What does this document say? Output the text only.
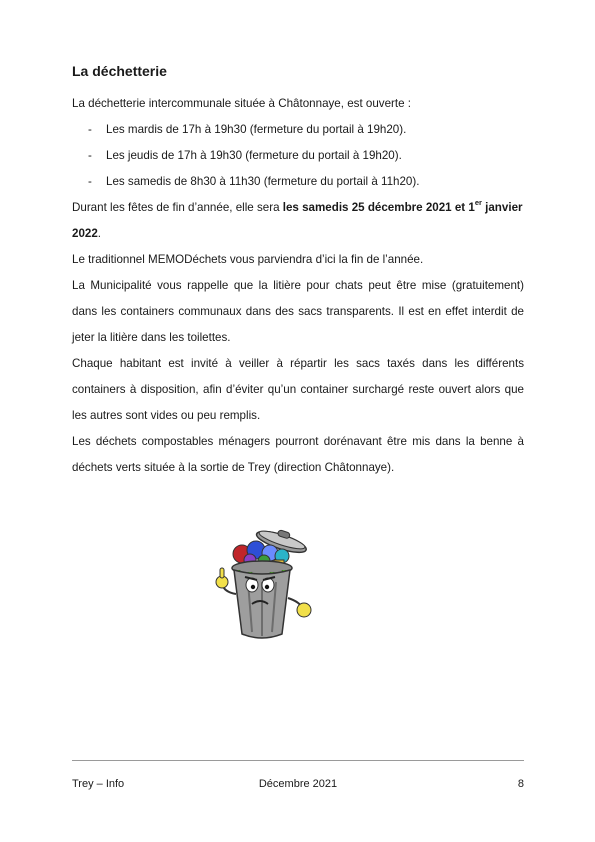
La déchetterie

La déchetterie intercommunale située à Châtonnaye, est ouverte :

- Les mardis de 17h à 19h30 (fermeture du portail à 19h20).
- Les jeudis de 17h à 19h30 (fermeture du portail à 19h20).
- Les samedis de 8h30 à 11h30 (fermeture du portail à 11h20).

Durant les fêtes de fin d’année, elle sera les samedis 25 décembre 2021 et 1er janvier 2022.

Le traditionnel MEMODéchets vous parviendra d’ici la fin de l’année.

La Municipalité vous rappelle que la litière pour chats peut être mise (gratuitement) dans les containers communaux dans des sacs transparents. Il est en effet interdit de jeter la litière dans les toilettes.

Chaque habitant est invité à veiller à répartir les sacs taxés dans les différents containers à disposition, afin d’éviter qu’un container surchargé reste ouvert alors que les autres sont vides ou peu remplis.

Les déchets compostables ménagers pourront dorénavant être mis dans la benne à déchets verts située à la sortie de Trey (direction Châtonnaye).

Trey – Info	Décembre 2021	8
